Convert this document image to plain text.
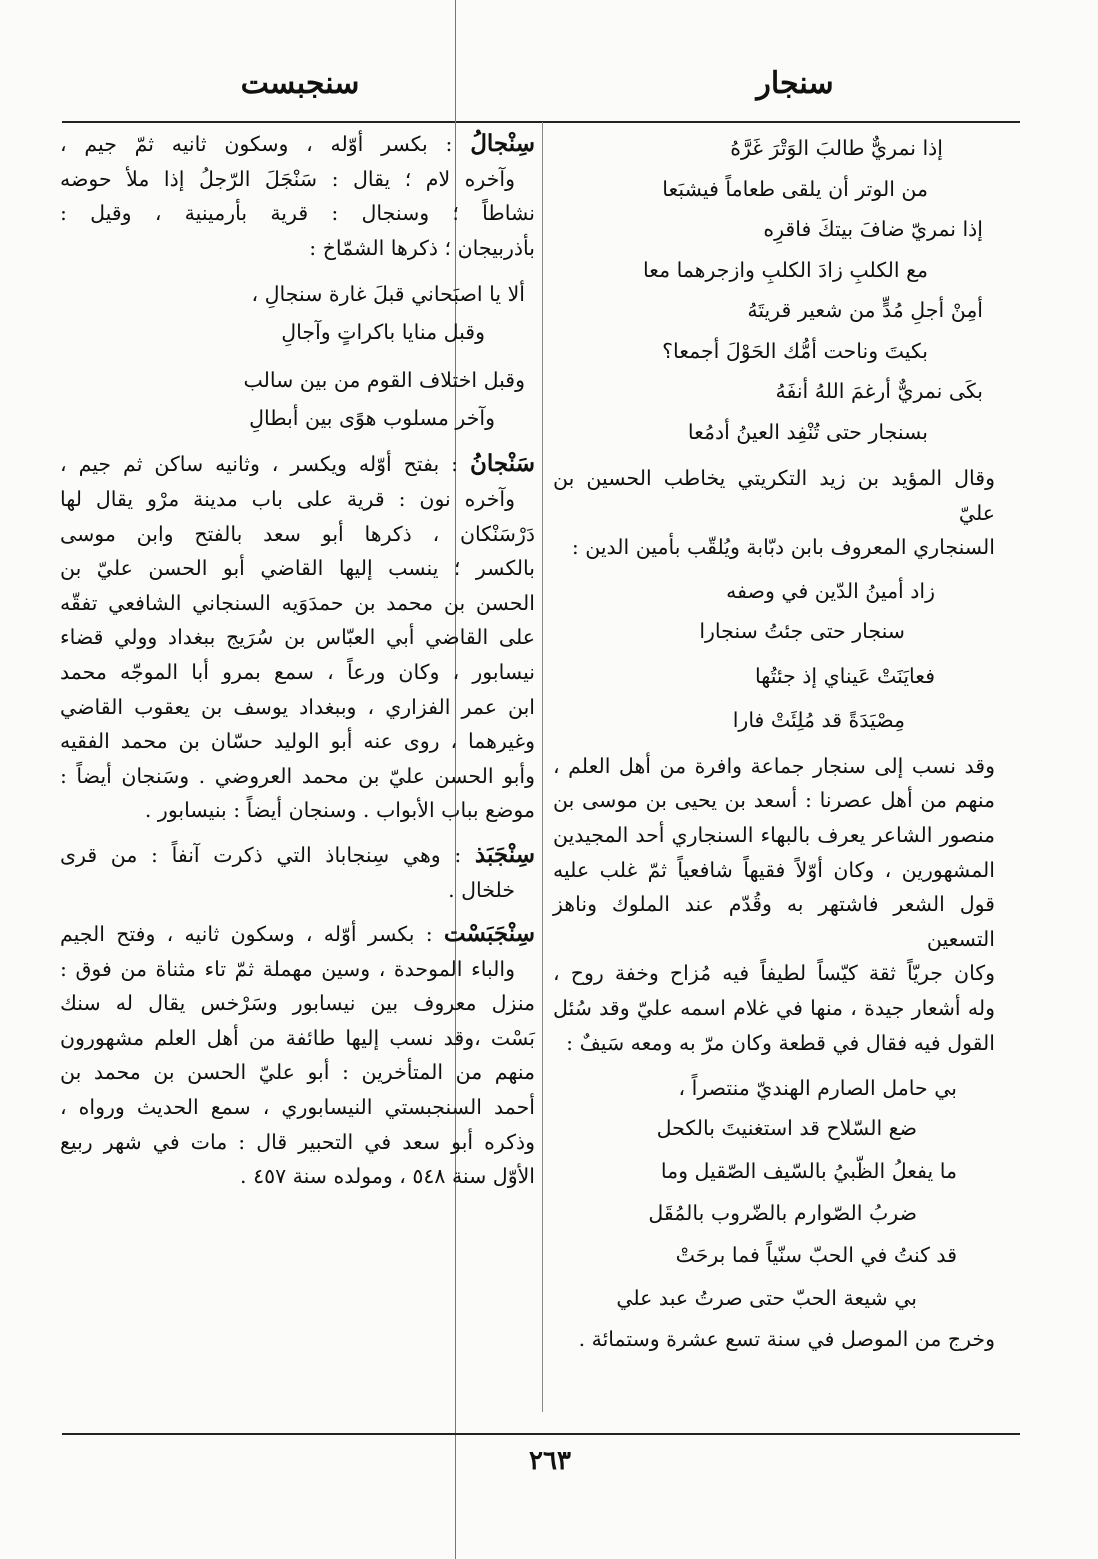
سنجار
سنجبست
إذا نمريٌّ طالبَ الوَتْرَ غَرَّهُ
من الوتر أن يلقى طعاماً فيشبَعا
إذا نمريّ ضافَ بيتكَ فاقرِه
مع الكلبِ زادَ الكلبِ وازجرهما معا
أمِنْ أجلِ مُدٍّ من شعير قريتَهُ
بكيتَ وناحت أمُّك الحَوْلَ أجمعا؟
بكَى نمريٌّ أرغمَ اللهُ أنفَهُ
بسنجار حتى تُنْفِد العينُ أدمُعا
وقال المؤيد بن زيد التكريتي يخاطب الحسين بن عليّ
السنجاري المعروف بابن دبّابة ويُلقّب بأمين الدين :
زاد أمينُ الدّين في وصفه
سنجار حتى جئتُ سنجارا
فعايَنَتْ عَيناي إذ جئتُها
مِصْيَدَةً قد مُلِئَتْ فارا
وقد نسب إلى سنجار جماعة وافرة من أهل العلم ،
منهم من أهل عصرنا : أسعد بن يحيى بن موسى بن
منصور الشاعر يعرف بالبهاء السنجاري أحد المجيدين
المشهورين ، وكان أوّلاً فقيهاً شافعياً ثمّ غلب عليه
قول الشعر فاشتهر به وقُدّم عند الملوك وناهز التسعين
وكان جريّاً ثقة كيّساً لطيفاً فيه مُزاح وخفة روح ،
وله أشعار جيدة ، منها في غلام اسمه عليّ وقد سُئل
القول فيه فقال في قطعة وكان مرّ به ومعه سَيفٌ :
بي حامل الصارم الهنديّ منتصراً ،
ضع السّلاح قد استغنيتَ بالكحل
ما يفعلُ الظّبيُ بالسّيف الصّقيل وما
ضربُ الصّوارم بالضّروب بالمُقَل
قد كنتُ في الحبّ سنّياً فما برحَتْ
بي شيعة الحبّ حتى صرتُ عبد علي
وخرج من الموصل في سنة تسع عشرة وستمائة .
سِنْجالُ : بكسر أوّله ، وسكون ثانيه ثمّ جيم ،
وآخره لام ؛ يقال : سَنْجَلَ الرّجلُ إذا ملأ حوضه
نشاطاً ؛ وسنجال : قرية بأرمينية ، وقيل :
بأذربيجان ؛ ذكرها الشمّاخ :
ألا يا اصبَحاني قبلَ غارة سنجالِ ،
وقبل منايا باكراتٍ وآجالِ
وقبل اختلاف القوم من بين سالب
وآخر مسلوب هوًى بين أبطالِ
سَنْجانُ : بفتح أوّله ويكسر ، وثانيه ساكن ثم جيم ،
وآخره نون : قرية على باب مدينة مرْو يقال لها
دَرْسَنْكان ، ذكرها أبو سعد بالفتح وابن موسى
بالكسر ؛ ينسب إليها القاضي أبو الحسن عليّ بن
الحسن بن محمد بن حمدَوَيه السنجاني الشافعي تفقّه
على القاضي أبي العبّاس بن سُرَيج ببغداد وولي قضاء
نيسابور ، وكان ورعاً ، سمع بمرو أبا الموجّه محمد
ابن عمر الفزاري ، وببغداد يوسف بن يعقوب القاضي
وغيرهما ، روى عنه أبو الوليد حسّان بن محمد الفقيه
وأبو الحسن عليّ بن محمد العروضي . وسَنجان أيضاً :
موضع بباب الأبواب . وسنجان أيضاً : بنيسابور .
سِنْجَبَذ : وهي سِنجاباذ التي ذكرت آنفاً : من قرى
خلخال .
سِنْجَبَسْت : بكسر أوّله ، وسكون ثانيه ، وفتح الجيم
والباء الموحدة ، وسين مهملة ثمّ تاء مثناة من فوق :
منزل معروف بين نيسابور وسَرْخس يقال له سنك
بَسْت ،وقد نسب إليها طائفة من أهل العلم مشهورون
منهم من المتأخرين : أبو عليّ الحسن بن محمد بن
أحمد السنجبستي النيسابوري ، سمع الحديث ورواه ،
وذكره أبو سعد في التحبير قال : مات في شهر ربيع
الأوّل سنة ٥٤٨ ، ومولده سنة ٤٥٧ .
٢٦٣
